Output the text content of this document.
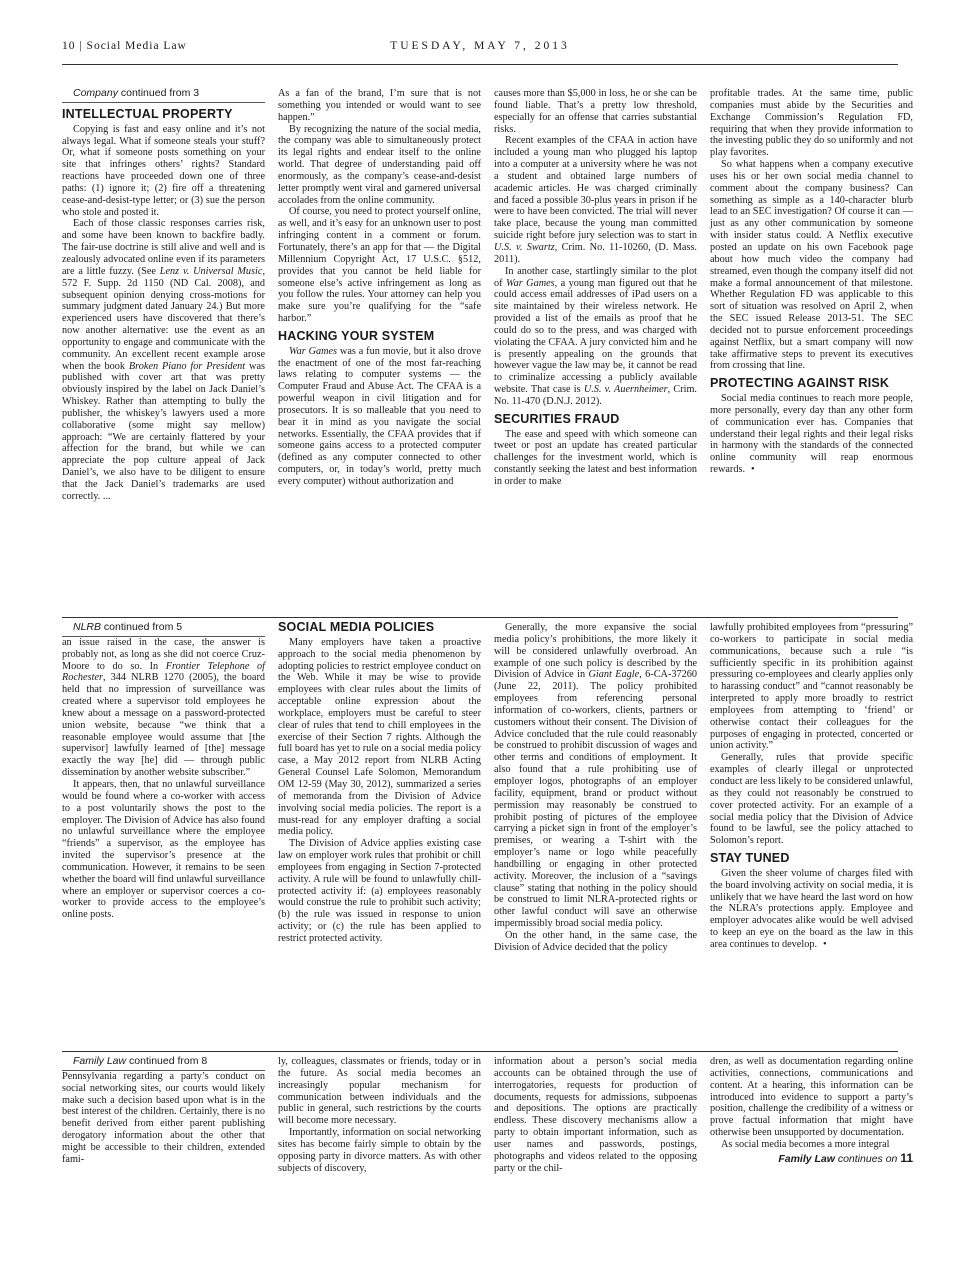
10 | Social Media Law	TUESDAY, MAY 7, 2013

Company continued from 3

INTELLECTUAL PROPERTY

Copying is fast and easy online and it’s not always legal. What if someone steals your stuff? Or, what if someone posts something on your site that infringes others’ rights? Standard reactions have proceeded down one of three paths: (1) ignore it; (2) fire off a threatening cease-and-desist-type letter; or (3) sue the person who stole and posted it.

Each of those classic responses carries risk, and some have been known to backfire badly. The fair-use doctrine is still alive and well and is zealously advocated online even if its parameters are a little fuzzy. (See Lenz v. Universal Music, 572 F. Supp. 2d 1150 (ND Cal. 2008), and subsequent opinion denying cross-motions for summary judgment dated January 24.) But more experienced users have discovered that there’s now another alternative: use the event as an opportunity to engage and communicate with the community. An excellent recent example arose when the book Broken Piano for President was published with cover art that was pretty obviously inspired by the label on Jack Daniel’s Whiskey. Rather than attempting to bully the publisher, the whiskey’s lawyers used a more collaborative (some might say mellow) approach: “We are certainly flattered by your affection for the brand, but while we can appreciate the pop culture appeal of Jack Daniel’s, we also have to be diligent to ensure that the Jack Daniel’s trademarks are used correctly. ...

As a fan of the brand, I’m sure that is not something you intended or would want to see happen.”

By recognizing the nature of the social media, the company was able to simultaneously protect its legal rights and endear itself to the online world. That degree of understanding paid off enormously, as the company’s cease-and-desist letter promptly went viral and garnered universal accolades from the online community.

Of course, you need to protect yourself online, as well, and it’s easy for an unknown user to post infringing content in a comment or forum. Fortunately, there’s an app for that — the Digital Millennium Copyright Act, 17 U.S.C. §512, provides that you cannot be held liable for someone else’s active infringement as long as you follow the rules. Your attorney can help you make sure you’re qualifying for the “safe harbor.”

HACKING YOUR SYSTEM

War Games was a fun movie, but it also drove the enactment of one of the most far-reaching laws relating to computer systems — the Computer Fraud and Abuse Act. The CFAA is a powerful weapon in civil litigation and for prosecutors. It is so malleable that you need to bear it in mind as you navigate the social networks. Essentially, the CFAA provides that if someone gains access to a protected computer (defined as any computer connected to other computers, or, in today’s world, pretty much every computer) without authorization and

causes more than $5,000 in loss, he or she can be found liable. That’s a pretty low threshold, especially for an offense that carries substantial risks.

Recent examples of the CFAA in action have included a young man who plugged his laptop into a computer at a university where he was not a student and obtained large numbers of academic articles. He was charged criminally and faced a possible 30-plus years in prison if he were to have been convicted. The trial will never take place, because the young man committed suicide right before jury selection was to start in U.S. v. Swartz, Crim. No. 11-10260, (D. Mass. 2011).

In another case, startlingly similar to the plot of War Games, a young man figured out that he could access email addresses of iPad users on a site maintained by their wireless network. He provided a list of the emails as proof that he could do so to the press, and was charged with violating the CFAA. A jury convicted him and he is presently appealing on the grounds that however vague the law may be, it cannot be read to criminalize accessing a publicly available website. That case is U.S. v. Auernheimer, Crim. No. 11-470 (D.N.J. 2012).

SECURITIES FRAUD

The ease and speed with which someone can tweet or post an update has created particular challenges for the investment world, which is constantly seeking the latest and best information in order to make

profitable trades. At the same time, public companies must abide by the Securities and Exchange Commission’s Regulation FD, requiring that when they provide information to the investing public they do so uniformly and not play favorites.

So what happens when a company executive uses his or her own social media channel to comment about the company business? Can something as simple as a 140-character blurb lead to an SEC investigation? Of course it can — just as any other communication by someone with insider status could. A Netflix executive posted an update on his own Facebook page about how much video the company had streamed, even though the company itself did not make a formal announcement of that milestone. Whether Regulation FD was applicable to this sort of situation was resolved on April 2, when the SEC issued Release 2013-51. The SEC decided not to pursue enforcement proceedings against Netflix, but a smart company will now take affirmative steps to prevent its executives from crossing that line.

PROTECTING AGAINST RISK

Social media continues to reach more people, more personally, every day than any other form of communication ever has. Companies that understand their legal rights and their legal risks in harmony with the standards of the connected online community will reap enormous rewards. •

NLRB continued from 5

an issue raised in the case, the answer is probably not, as long as she did not coerce Cruz-Moore to do so. In Frontier Telephone of Rochester, 344 NLRB 1270 (2005), the board held that no impression of surveillance was created where a supervisor told employees he knew about a message on a password-protected union website, because “we think that a reasonable employee would assume that [the supervisor] lawfully learned of [the] message exactly the way [he] did — through public dissemination by another website subscriber.”

It appears, then, that no unlawful surveillance would be found where a co-worker with access to a post voluntarily shows the post to the employer. The Division of Advice has also found no unlawful surveillance where the employee “friends” a supervisor, as the employee has invited the supervisor’s presence at the communication. However, it remains to be seen whether the board will find unlawful surveillance where an employer or supervisor coerces a co-worker to provide access to the employee’s online posts.

SOCIAL MEDIA POLICIES

Many employers have taken a proactive approach to the social media phenomenon by adopting policies to restrict employee conduct on the Web. While it may be wise to provide employees with clear rules about the limits of acceptable online expression about the workplace, employers must be careful to steer clear of rules that tend to chill employees in the exercise of their Section 7 rights. Although the full board has yet to rule on a social media policy case, a May 2012 report from NLRB Acting General Counsel Lafe Solomon, Memorandum OM 12-59 (May 30, 2012), summarized a series of memoranda from the Division of Advice involving social media policies. The report is a must-read for any employer drafting a social media policy.

The Division of Advice applies existing case law on employer work rules that prohibit or chill employees from engaging in Section 7-protected activity. A rule will be found to unlawfully chill-protected activity if: (a) employees reasonably would construe the rule to prohibit such activity; (b) the rule was issued in response to union activity; or (c) the rule has been applied to restrict protected activity.

Generally, the more expansive the social media policy’s prohibitions, the more likely it will be considered unlawfully overbroad. An example of one such policy is described by the Division of Advice in Giant Eagle, 6-CA-37260 (June 22, 2011). The policy prohibited employees from referencing personal information of co-workers, clients, partners or customers without their consent. The Division of Advice concluded that the rule could reasonably be construed to prohibit discussion of wages and other terms and conditions of employment. It also found that a rule prohibiting use of employer logos, photographs of an employer facility, equipment, brand or product without permission may reasonably be construed to prohibit posting of pictures of the employee carrying a picket sign in front of the employer’s premises, or wearing a T-shirt with the employer’s name or logo while peacefully handbilling or engaging in other protected activity. Moreover, the inclusion of a “savings clause” stating that nothing in the policy should be construed to limit NLRA-protected rights or other lawful conduct will save an otherwise impermissibly broad social media policy.

On the other hand, in the same case, the Division of Advice decided that the policy

lawfully prohibited employees from “pressuring” co-workers to participate in social media communications, because such a rule “is sufficiently specific in its prohibition against pressuring co-employees and clearly applies only to harassing conduct” and “cannot reasonably be interpreted to apply more broadly to restrict employees from attempting to ‘friend’ or otherwise contact their colleagues for the purposes of engaging in protected, concerted or union activity.”

Generally, rules that provide specific examples of clearly illegal or unprotected conduct are less likely to be considered unlawful, as they could not reasonably be construed to cover protected activity. For an example of a social media policy that the Division of Advice found to be lawful, see the policy attached to Solomon’s report.

STAY TUNED

Given the sheer volume of charges filed with the board involving activity on social media, it is unlikely that we have heard the last word on how the NLRA’s protections apply. Employee and employer advocates alike would be well advised to keep an eye on the board as the law in this area continues to develop. •

Family Law continued from 8

Pennsylvania regarding a party’s conduct on social networking sites, our courts would likely make such a decision based upon what is in the best interest of the children. Certainly, there is no benefit derived from either parent publishing derogatory information about the other that might be accessible to their children, extended fami-

ly, colleagues, classmates or friends, today or in the future. As social media becomes an increasingly popular mechanism for communication between individuals and the public in general, such restrictions by the courts will become more necessary.

Importantly, information on social networking sites has become fairly simple to obtain by the opposing party in divorce matters. As with other subjects of discovery,

information about a person’s social media accounts can be obtained through the use of interrogatories, requests for production of documents, requests for admissions, subpoenas and depositions. The options are practically endless. These discovery mechanisms allow a party to obtain important information, such as user names and passwords, postings, photographs and videos related to the opposing party or the chil-

dren, as well as documentation regarding online activities, connections, communications and content. At a hearing, this information can be introduced into evidence to support a party’s position, challenge the credibility of a witness or prove factual information that might have otherwise been unsupported by documentation.

As social media becomes a more integral

Family Law continues on 11
